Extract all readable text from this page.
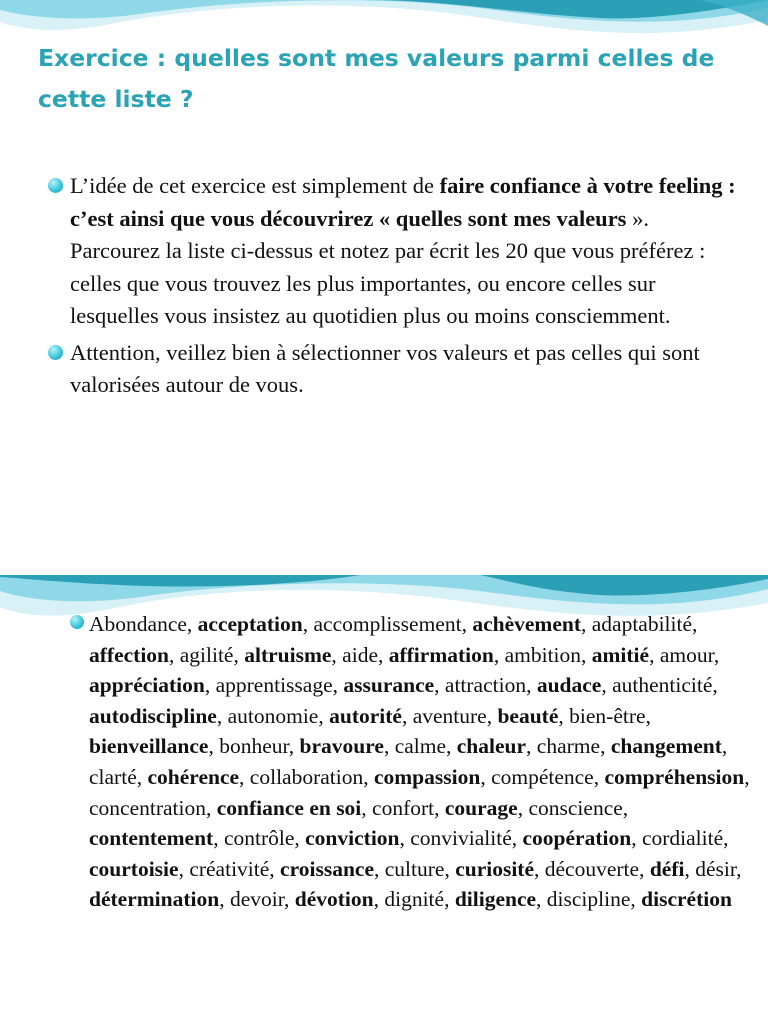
Exercice : quelles sont mes valeurs parmi celles de cette liste ?

L’idée de cet exercice est simplement de faire confiance à votre feeling : c’est ainsi que vous découvrirez « quelles sont mes valeurs ».
Parcourez la liste ci-dessus et notez par écrit les 20 que vous préférez : celles que vous trouvez les plus importantes, ou encore celles sur lesquelles vous insistez au quotidien plus ou moins consciemment.

Attention, veillez bien à sélectionner vos valeurs et pas celles qui sont valorisées autour de vous.

Abondance, acceptation, accomplissement, achèvement, adaptabilité, affection, agilité, altruisme, aide, affirmation, ambition, amitié, amour, appréciation, apprentissage, assurance, attraction, audace, authenticité, autodiscipline, autonomie, autorité, aventure, beauté, bien-être, bienveillance, bonheur, bravoure, calme, chaleur, charme, changement, clarté, cohérence, collaboration, compassion, compétence, compréhension, concentration, confiance en soi, confort, courage, conscience, contentement, contrôle, conviction, convivialité, coopération, cordialité, courtoisie, créativité, croissance, culture, curiosité, découverte, défi, désir, détermination, devoir, dévotion, dignité, diligence, discipline, discrétion
